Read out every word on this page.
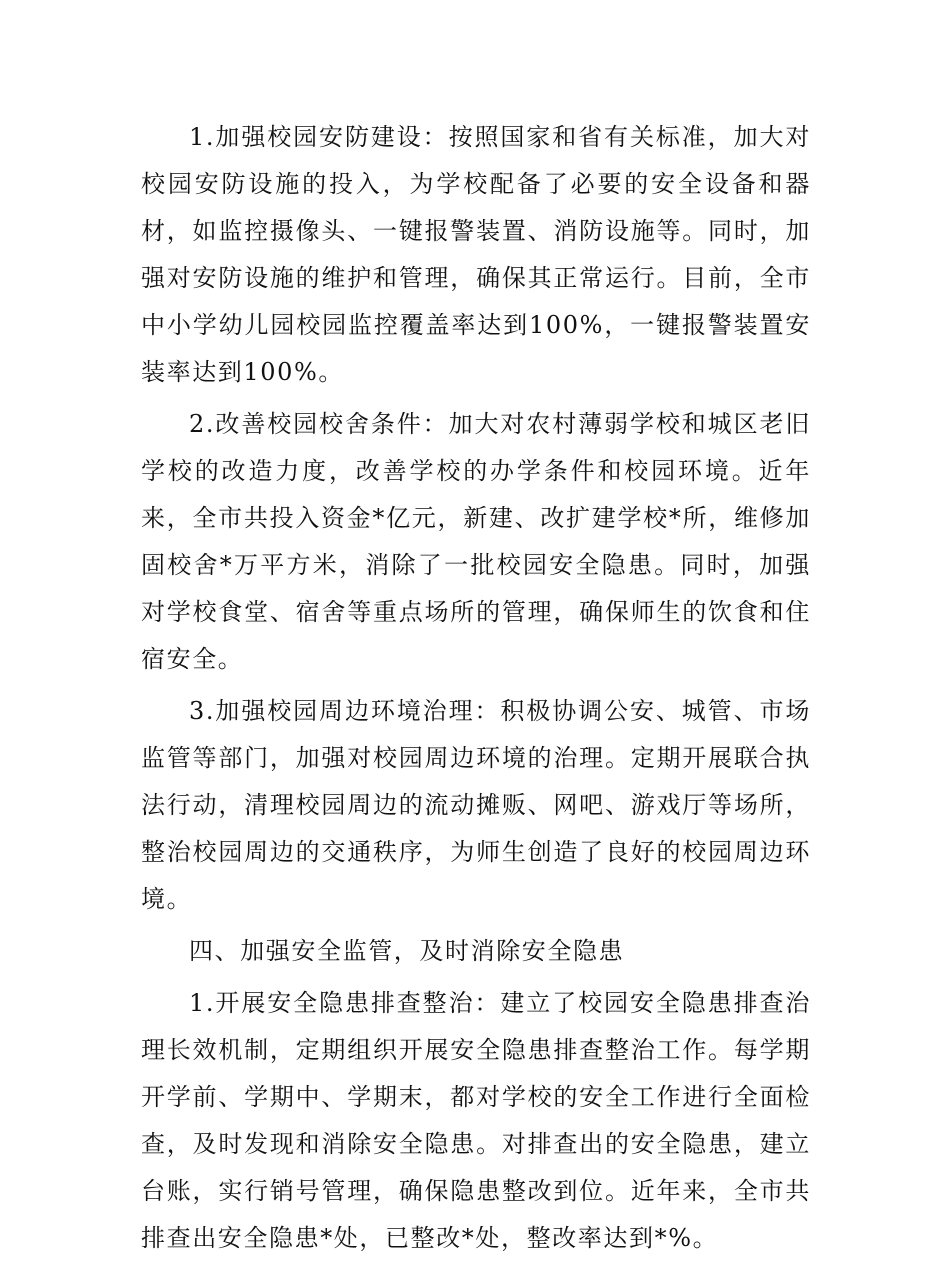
1.加强校园安防建设：按照国家和省有关标准，加大对校园安防设施的投入，为学校配备了必要的安全设备和器材，如监控摄像头、一键报警装置、消防设施等。同时，加强对安防设施的维护和管理，确保其正常运行。目前，全市中小学幼儿园校园监控覆盖率达到100%，一键报警装置安装率达到100%。

2.改善校园校舍条件：加大对农村薄弱学校和城区老旧学校的改造力度，改善学校的办学条件和校园环境。近年来，全市共投入资金*亿元，新建、改扩建学校*所，维修加固校舍*万平方米，消除了一批校园安全隐患。同时，加强对学校食堂、宿舍等重点场所的管理，确保师生的饮食和住宿安全。

3.加强校园周边环境治理：积极协调公安、城管、市场监管等部门，加强对校园周边环境的治理。定期开展联合执法行动，清理校园周边的流动摊贩、网吧、游戏厅等场所，整治校园周边的交通秩序，为师生创造了良好的校园周边环境。

四、加强安全监管，及时消除安全隐患

1.开展安全隐患排查整治：建立了校园安全隐患排查治理长效机制，定期组织开展安全隐患排查整治工作。每学期开学前、学期中、学期末，都对学校的安全工作进行全面检查，及时发现和消除安全隐患。对排查出的安全隐患，建立台账，实行销号管理，确保隐患整改到位。近年来，全市共排查出安全隐患*处，已整改*处，整改率达到*%。
